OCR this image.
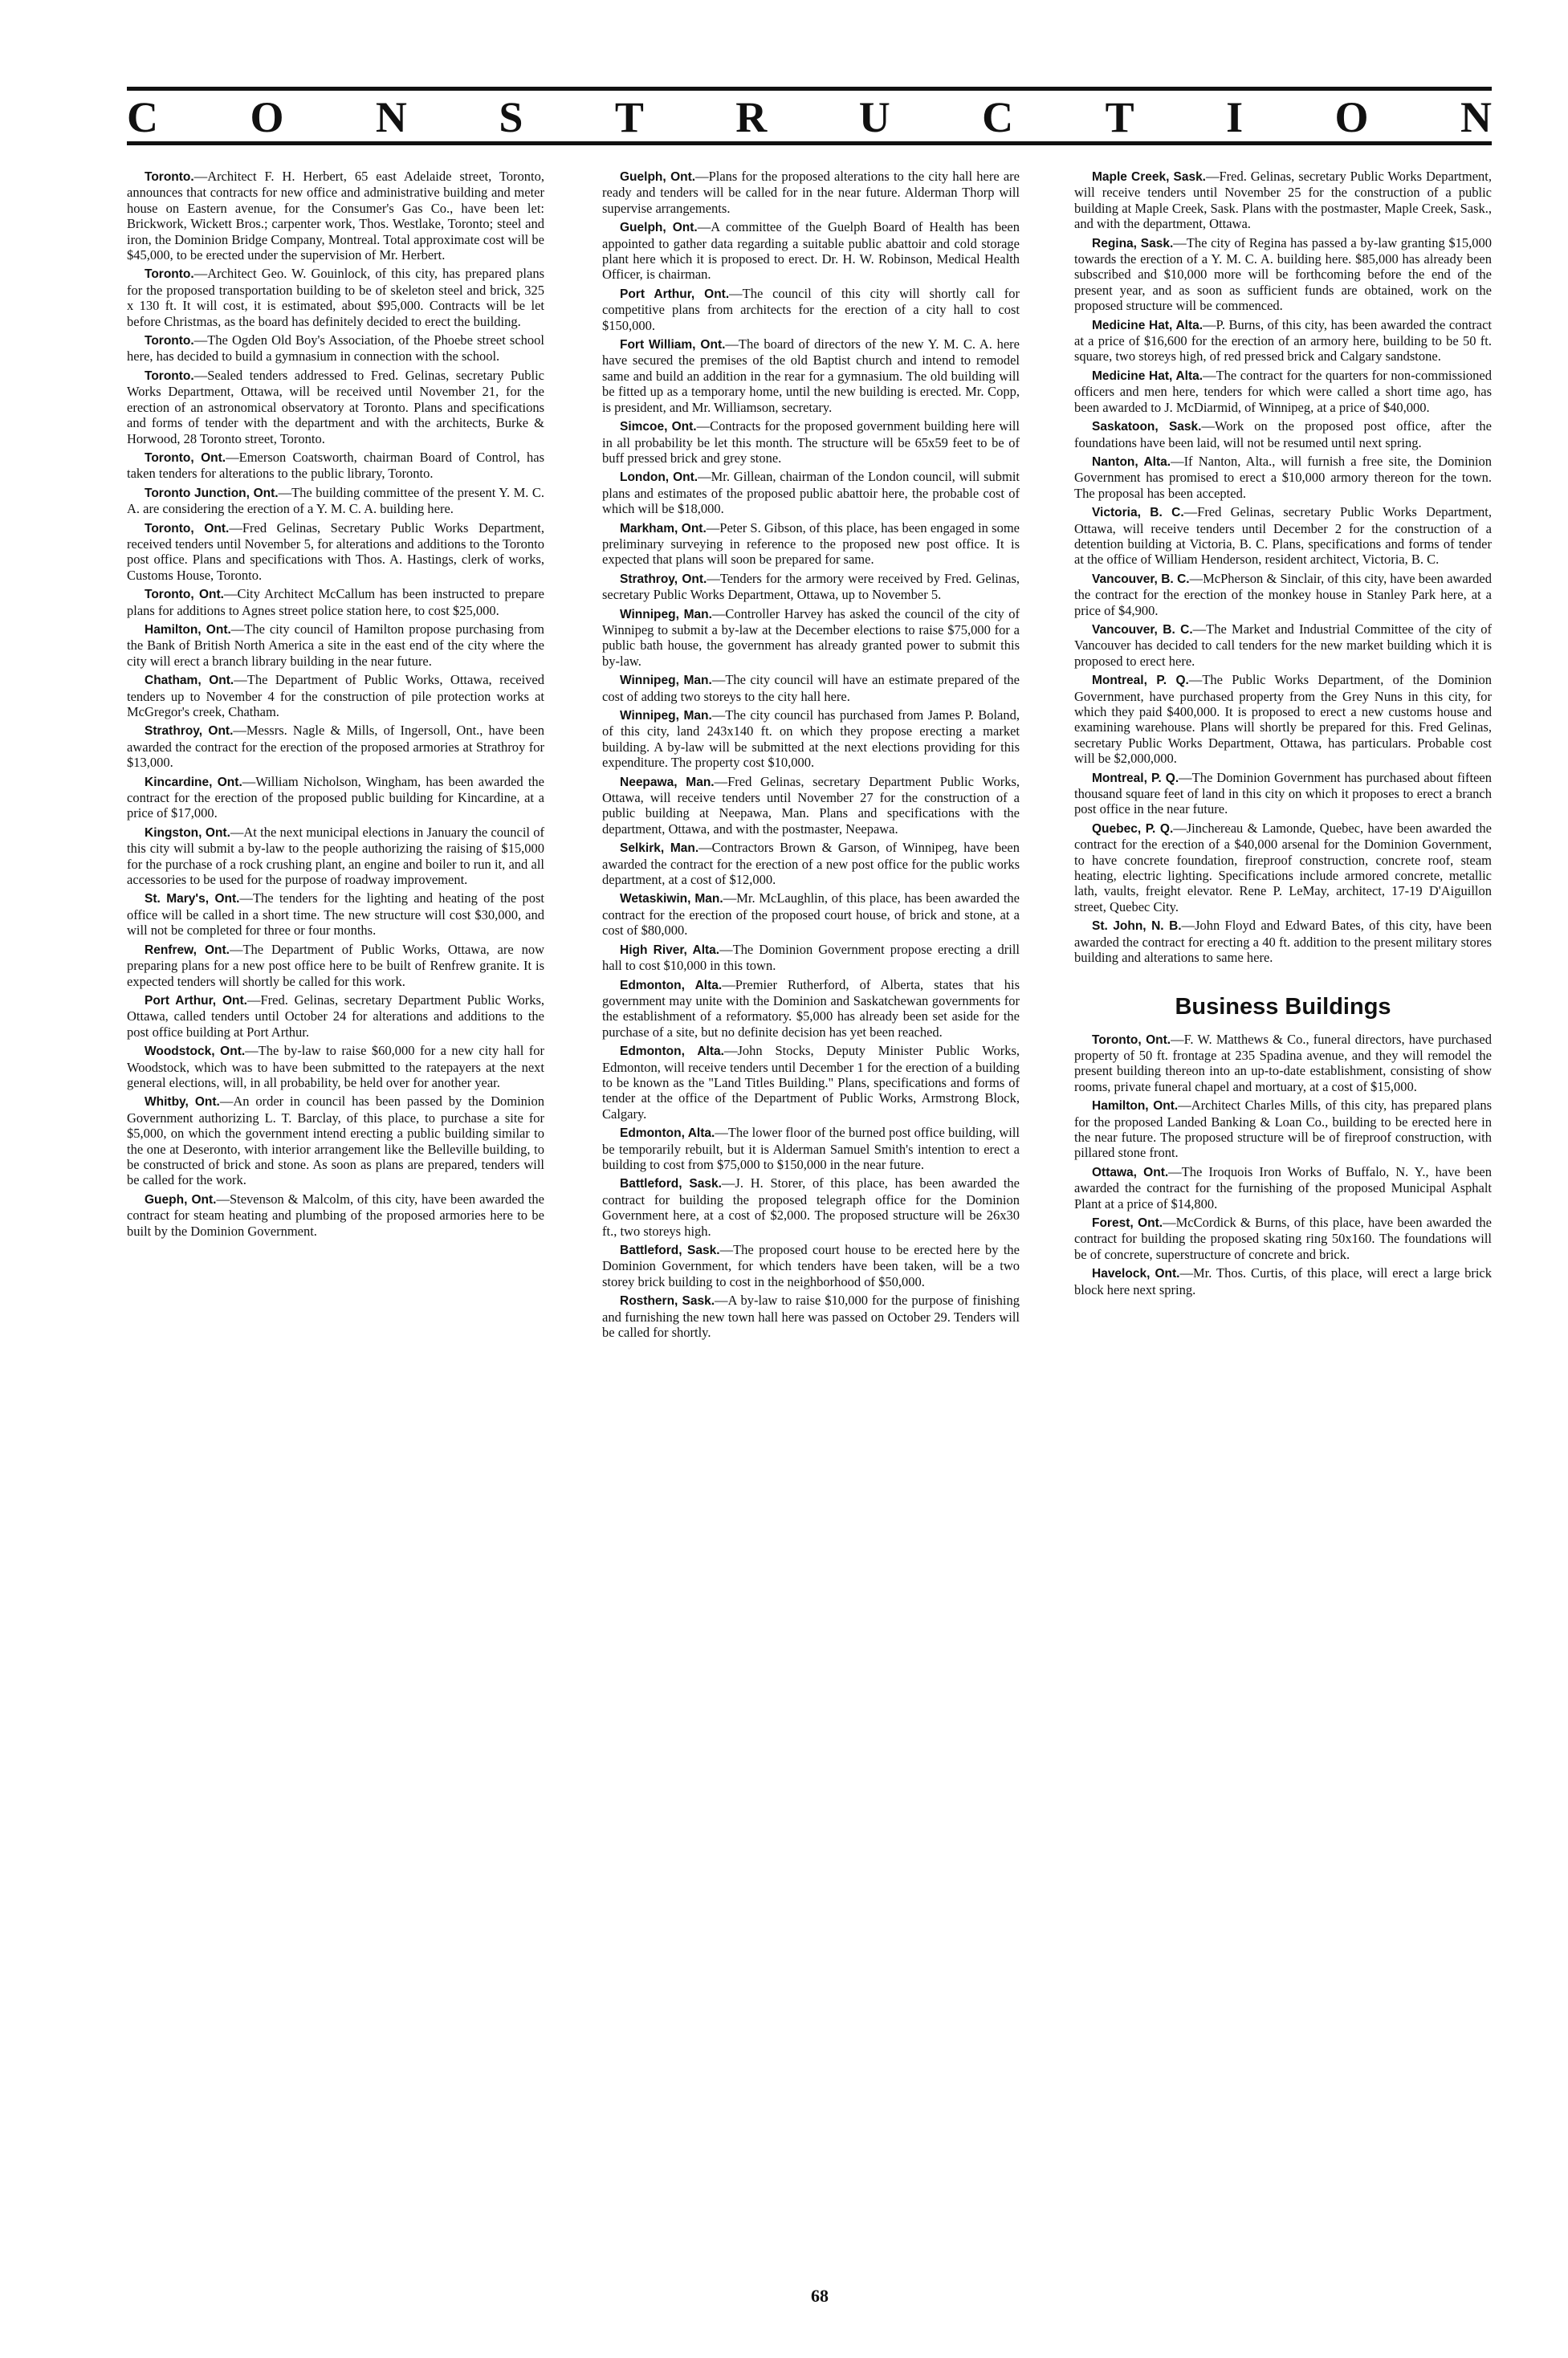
C O N S T R U C T I O N

Toronto.—Architect F. H. Herbert, 65 east Adelaide street, Toronto, announces that contracts for new office and administrative building and meter house on Eastern avenue, for the Consumer's Gas Co., have been let: Brickwork, Wickett Bros.; carpenter work, Thos. Westlake, Toronto; steel and iron, the Dominion Bridge Company, Montreal. Total approximate cost will be $45,000, to be erected under the supervision of Mr. Herbert.

Toronto.—Architect Geo. W. Gouinlock, of this city, has prepared plans for the proposed transportation building to be of skeleton steel and brick, 325 x 130 ft. It will cost, it is estimated, about $95,000. Contracts will be let before Christmas, as the board has definitely decided to erect the building.

Toronto.—The Ogden Old Boy's Association, of the Phoebe street school here, has decided to build a gymnasium in connection with the school.

Toronto.—Sealed tenders addressed to Fred. Gelinas, secretary Public Works Department, Ottawa, will be received until November 21, for the erection of an astronomical observatory at Toronto. Plans and specifications and forms of tender with the department and with the architects, Burke & Horwood, 28 Toronto street, Toronto.

Toronto, Ont.—Emerson Coatsworth, chairman Board of Control, has taken tenders for alterations to the public library, Toronto.

Toronto Junction, Ont.—The building committee of the present Y. M. C. A. are considering the erection of a Y. M. C. A. building here.

Toronto, Ont.—Fred Gelinas, Secretary Public Works Department, received tenders until November 5, for alterations and additions to the Toronto post office. Plans and specifications with Thos. A. Hastings, clerk of works, Customs House, Toronto.

Toronto, Ont.—City Architect McCallum has been instructed to prepare plans for additions to Agnes street police station here, to cost $25,000.

Hamilton, Ont.—The city council of Hamilton propose purchasing from the Bank of British North America a site in the east end of the city where the city will erect a branch library building in the near future.

Chatham, Ont.—The Department of Public Works, Ottawa, received tenders up to November 4 for the construction of pile protection works at McGregor's creek, Chatham.

Strathroy, Ont.—Messrs. Nagle & Mills, of Ingersoll, Ont., have been awarded the contract for the erection of the proposed armories at Strathroy for $13,000.

Kincardine, Ont.—William Nicholson, Wingham, has been awarded the contract for the erection of the proposed public building for Kincardine, at a price of $17,000.

Kingston, Ont.—At the next municipal elections in January the council of this city will submit a by-law to the people authorizing the raising of $15,000 for the purchase of a rock crushing plant, an engine and boiler to run it, and all accessories to be used for the purpose of roadway improvement.

St. Mary's, Ont.—The tenders for the lighting and heating of the post office will be called in a short time. The new structure will cost $30,000, and will not be completed for three or four months.

Renfrew, Ont.—The Department of Public Works, Ottawa, are now preparing plans for a new post office here to be built of Renfrew granite. It is expected tenders will shortly be called for this work.

Port Arthur, Ont.—Fred. Gelinas, secretary Department Public Works, Ottawa, called tenders until October 24 for alterations and additions to the post office building at Port Arthur.

Woodstock, Ont.—The by-law to raise $60,000 for a new city hall for Woodstock, which was to have been submitted to the ratepayers at the next general elections, will, in all probability, be held over for another year.

Whitby, Ont.—An order in council has been passed by the Dominion Government authorizing L. T. Barclay, of this place, to purchase a site for $5,000, on which the government intend erecting a public building similar to the one at Deseronto, with interior arrangement like the Belleville building, to be constructed of brick and stone. As soon as plans are prepared, tenders will be called for the work.

Gueph, Ont.—Stevenson & Malcolm, of this city, have been awarded the contract for steam heating and plumbing of the proposed armories here to be built by the Dominion Government.

Guelph, Ont.—Plans for the proposed alterations to the city hall here are ready and tenders will be called for in the near future. Alderman Thorp will supervise arrangements.

Guelph, Ont.—A committee of the Guelph Board of Health has been appointed to gather data regarding a suitable public abattoir and cold storage plant here which it is proposed to erect. Dr. H. W. Robinson, Medical Health Officer, is chairman.

Port Arthur, Ont.—The council of this city will shortly call for competitive plans from architects for the erection of a city hall to cost $150,000.

Fort William, Ont.—The board of directors of the new Y. M. C. A. here have secured the premises of the old Baptist church and intend to remodel same and build an addition in the rear for a gymnasium. The old building will be fitted up as a temporary home, until the new building is erected. Mr. Copp, is president, and Mr. Williamson, secretary.

Simcoe, Ont.—Contracts for the proposed government building here will in all probability be let this month. The structure will be 65x59 feet to be of buff pressed brick and grey stone.

London, Ont.—Mr. Gillean, chairman of the London council, will submit plans and estimates of the proposed public abattoir here, the probable cost of which will be $18,000.

Markham, Ont.—Peter S. Gibson, of this place, has been engaged in some preliminary surveying in reference to the proposed new post office. It is expected that plans will soon be prepared for same.

Strathroy, Ont.—Tenders for the armory were received by Fred. Gelinas, secretary Public Works Department, Ottawa, up to November 5.

Winnipeg, Man.—Controller Harvey has asked the council of the city of Winnipeg to submit a by-law at the December elections to raise $75,000 for a public bath house, the government has already granted power to submit this by-law.

Winnipeg, Man.—The city council will have an estimate prepared of the cost of adding two storeys to the city hall here.

Winnipeg, Man.—The city council has purchased from James P. Boland, of this city, land 243x140 ft. on which they propose erecting a market building. A by-law will be submitted at the next elections providing for this expenditure. The property cost $10,000.

Neepawa, Man.—Fred Gelinas, secretary Department Public Works, Ottawa, will receive tenders until November 27 for the construction of a public building at Neepawa, Man. Plans and specifications with the department, Ottawa, and with the postmaster, Neepawa.

Selkirk, Man.—Contractors Brown & Garson, of Winnipeg, have been awarded the contract for the erection of a new post office for the public works department, at a cost of $12,000.

Wetaskiwin, Man.—Mr. McLaughlin, of this place, has been awarded the contract for the erection of the proposed court house, of brick and stone, at a cost of $80,000.

High River, Alta.—The Dominion Government propose erecting a drill hall to cost $10,000 in this town.

Edmonton, Alta.—Premier Rutherford, of Alberta, states that his government may unite with the Dominion and Saskatchewan governments for the establishment of a reformatory. $5,000 has already been set aside for the purchase of a site, but no definite decision has yet been reached.

Edmonton, Alta.—John Stocks, Deputy Minister Public Works, Edmonton, will receive tenders until December 1 for the erection of a building to be known as the "Land Titles Building." Plans, specifications and forms of tender at the office of the Department of Public Works, Armstrong Block, Calgary.

Edmonton, Alta.—The lower floor of the burned post office building, will be temporarily rebuilt, but it is Alderman Samuel Smith's intention to erect a building to cost from $75,000 to $150,000 in the near future.

Battleford, Sask.—J. H. Storer, of this place, has been awarded the contract for building the proposed telegraph office for the Dominion Government here, at a cost of $2,000. The proposed structure will be 26x30 ft., two storeys high.

Battleford, Sask.—The proposed court house to be erected here by the Dominion Government, for which tenders have been taken, will be a two storey brick building to cost in the neighborhood of $50,000.

Rosthern, Sask.—A by-law to raise $10,000 for the purpose of finishing and furnishing the new town hall here was passed on October 29. Tenders will be called for shortly.

Maple Creek, Sask.—Fred. Gelinas, secretary Public Works Department, will receive tenders until November 25 for the construction of a public building at Maple Creek, Sask. Plans with the postmaster, Maple Creek, Sask., and with the department, Ottawa.

Regina, Sask.—The city of Regina has passed a by-law granting $15,000 towards the erection of a Y. M. C. A. building here. $85,000 has already been subscribed and $10,000 more will be forthcoming before the end of the present year, and as soon as sufficient funds are obtained, work on the proposed structure will be commenced.

Medicine Hat, Alta.—P. Burns, of this city, has been awarded the contract at a price of $16,600 for the erection of an armory here, building to be 50 ft. square, two storeys high, of red pressed brick and Calgary sandstone.

Medicine Hat, Alta.—The contract for the quarters for non-commissioned officers and men here, tenders for which were called a short time ago, has been awarded to J. McDiarmid, of Winnipeg, at a price of $40,000.

Saskatoon, Sask.—Work on the proposed post office, after the foundations have been laid, will not be resumed until next spring.

Nanton, Alta.—If Nanton, Alta., will furnish a free site, the Dominion Government has promised to erect a $10,000 armory thereon for the town. The proposal has been accepted.

Victoria, B. C.—Fred Gelinas, secretary Public Works Department, Ottawa, will receive tenders until December 2 for the construction of a detention building at Victoria, B. C. Plans, specifications and forms of tender at the office of William Henderson, resident architect, Victoria, B. C.

Vancouver, B. C.—McPherson & Sinclair, of this city, have been awarded the contract for the erection of the monkey house in Stanley Park here, at a price of $4,900.

Vancouver, B. C.—The Market and Industrial Committee of the city of Vancouver has decided to call tenders for the new market building which it is proposed to erect here.

Montreal, P. Q.—The Public Works Department, of the Dominion Government, have purchased property from the Grey Nuns in this city, for which they paid $400,000. It is proposed to erect a new customs house and examining warehouse. Plans will shortly be prepared for this. Fred Gelinas, secretary Public Works Department, Ottawa, has particulars. Probable cost will be $2,000,000.

Montreal, P. Q.—The Dominion Government has purchased about fifteen thousand square feet of land in this city on which it proposes to erect a branch post office in the near future.

Quebec, P. Q.—Jinchereau & Lamonde, Quebec, have been awarded the contract for the erection of a $40,000 arsenal for the Dominion Government, to have concrete foundation, fireproof construction, concrete roof, steam heating, electric lighting. Specifications include armored concrete, metallic lath, vaults, freight elevator. Rene P. LeMay, architect, 17-19 D'Aiguillon street, Quebec City.

St. John, N. B.—John Floyd and Edward Bates, of this city, have been awarded the contract for erecting a 40 ft. addition to the present military stores building and alterations to same here.

Business Buildings

Toronto, Ont.—F. W. Matthews & Co., funeral directors, have purchased property of 50 ft. frontage at 235 Spadina avenue, and they will remodel the present building thereon into an up-to-date establishment, consisting of show rooms, private funeral chapel and mortuary, at a cost of $15,000.

Hamilton, Ont.—Architect Charles Mills, of this city, has prepared plans for the proposed Landed Banking & Loan Co., building to be erected here in the near future. The proposed structure will be of fireproof construction, with pillared stone front.

Ottawa, Ont.—The Iroquois Iron Works of Buffalo, N. Y., have been awarded the contract for the furnishing of the proposed Municipal Asphalt Plant at a price of $14,800.

Forest, Ont.—McCordick & Burns, of this place, have been awarded the contract for building the proposed skating ring 50x160. The foundations will be of concrete, superstructure of concrete and brick.

Havelock, Ont.—Mr. Thos. Curtis, of this place, will erect a large brick block here next spring.

68
